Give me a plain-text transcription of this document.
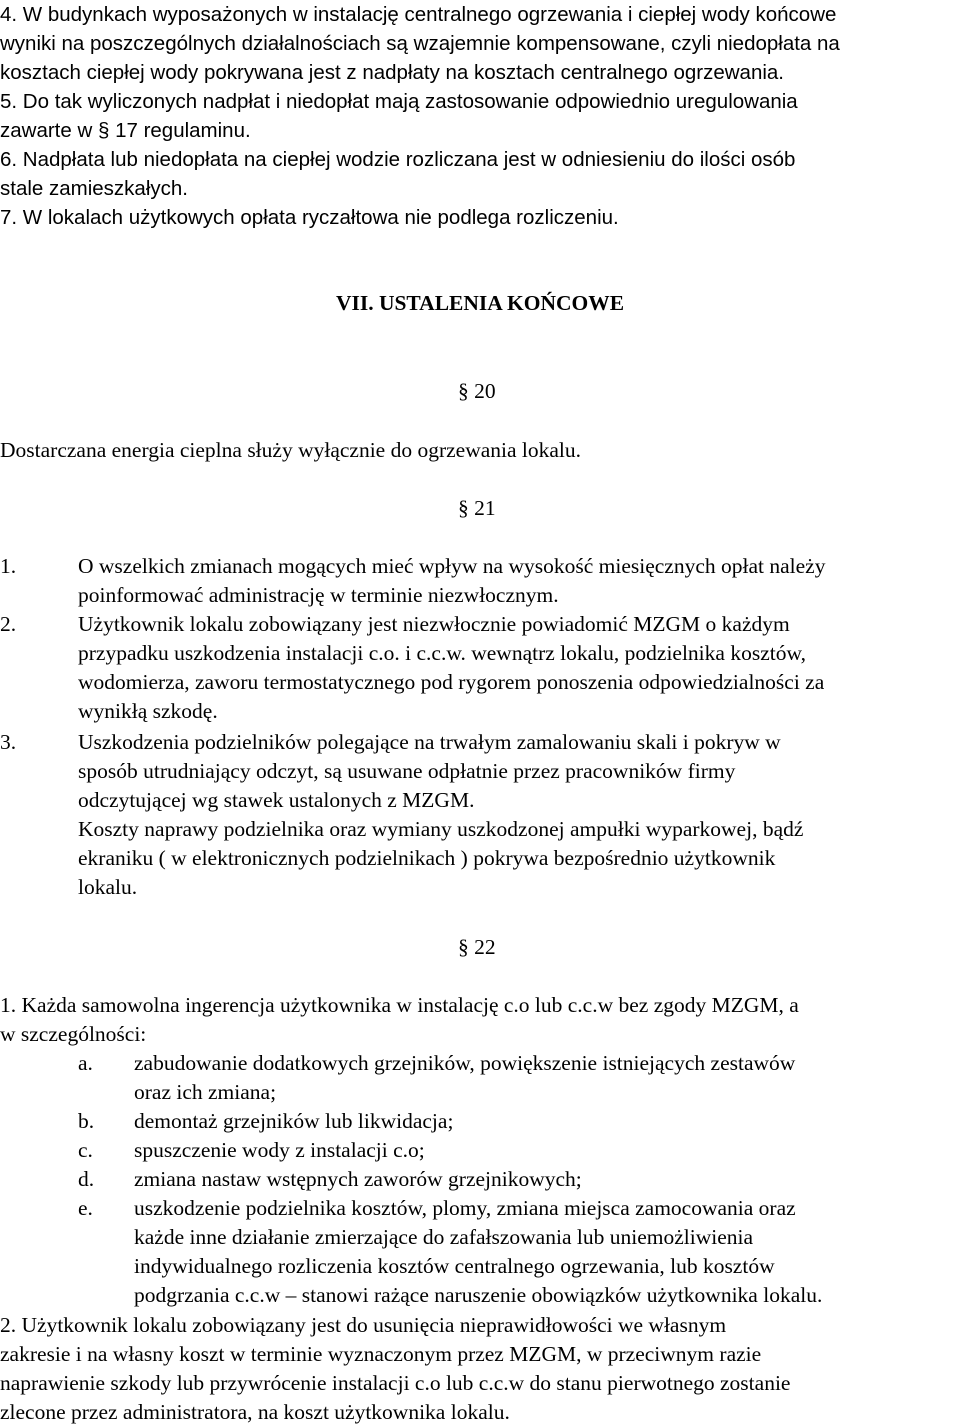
4. W budynkach wyposażonych w instalację centralnego ogrzewania i ciepłej wody końcowe
wyniki na poszczególnych działalnościach są wzajemnie kompensowane, czyli niedopłata na
kosztach ciepłej wody pokrywana jest z nadpłaty na kosztach centralnego ogrzewania.
5. Do tak wyliczonych nadpłat i niedopłat mają zastosowanie odpowiednio uregulowania
zawarte w § 17 regulaminu.
6. Nadpłata lub niedopłata na ciepłej wodzie rozliczana jest w odniesieniu do ilości osób
stale zamieszkałych.
7. W lokalach użytkowych opłata ryczałtowa nie podlega rozliczeniu.
VII. USTALENIA KOŃCOWE
§ 20
Dostarczana energia cieplna służy wyłącznie do ogrzewania lokalu.
§ 21
1.	O wszelkich zmianach mogących mieć wpływ na wysokość miesięcznych opłat należy
poinformować administrację w terminie niezwłocznym.
2.	Użytkownik lokalu zobowiązany jest niezwłocznie powiadomić MZGM o każdym
przypadku uszkodzenia instalacji c.o. i c.c.w. wewnątrz lokalu, podzielnika kosztów,
wodomierza, zaworu termostatycznego pod rygorem ponoszenia odpowiedzialności za
wynikłą szkodę.
3.	Uszkodzenia podzielników polegające na trwałym zamalowaniu skali i pokryw w
sposób utrudniający odczyt, są usuwane odpłatnie przez pracowników firmy
odczytującej wg stawek ustalonych z MZGM.
Koszty naprawy podzielnika oraz wymiany uszkodzonej ampułki wyparkowej, bądź
ekraniku ( w elektronicznych podzielnikach ) pokrywa bezpośrednio użytkownik
lokalu.
§ 22
1. Każda samowolna ingerencja użytkownika w instalację c.o lub c.c.w bez zgody MZGM, a
w szczególności:
a. zabudowanie dodatkowych grzejników, powiększenie istniejących zestawów
oraz ich zmiana;
b. demontaż grzejników lub likwidacja;
c. spuszczenie wody z instalacji c.o;
d. zmiana nastaw wstępnych zaworów grzejnikowych;
e. uszkodzenie podzielnika kosztów, plomy, zmiana miejsca zamocowania oraz
każde inne działanie zmierzające do zafałszowania lub uniemożliwienia
indywidualnego rozliczenia kosztów centralnego ogrzewania, lub kosztów
podgrzania c.c.w – stanowi rażące naruszenie obowiązków użytkownika lokalu.
2. Użytkownik lokalu zobowiązany jest do usunięcia nieprawidłowości we własnym
zakresie i na własny koszt w terminie wyznaczonym przez MZGM, w przeciwnym razie
naprawienie szkody lub przywrócenie instalacji c.o lub c.c.w do stanu pierwotnego zostanie
zlecone przez administratora, na koszt użytkownika lokalu.
